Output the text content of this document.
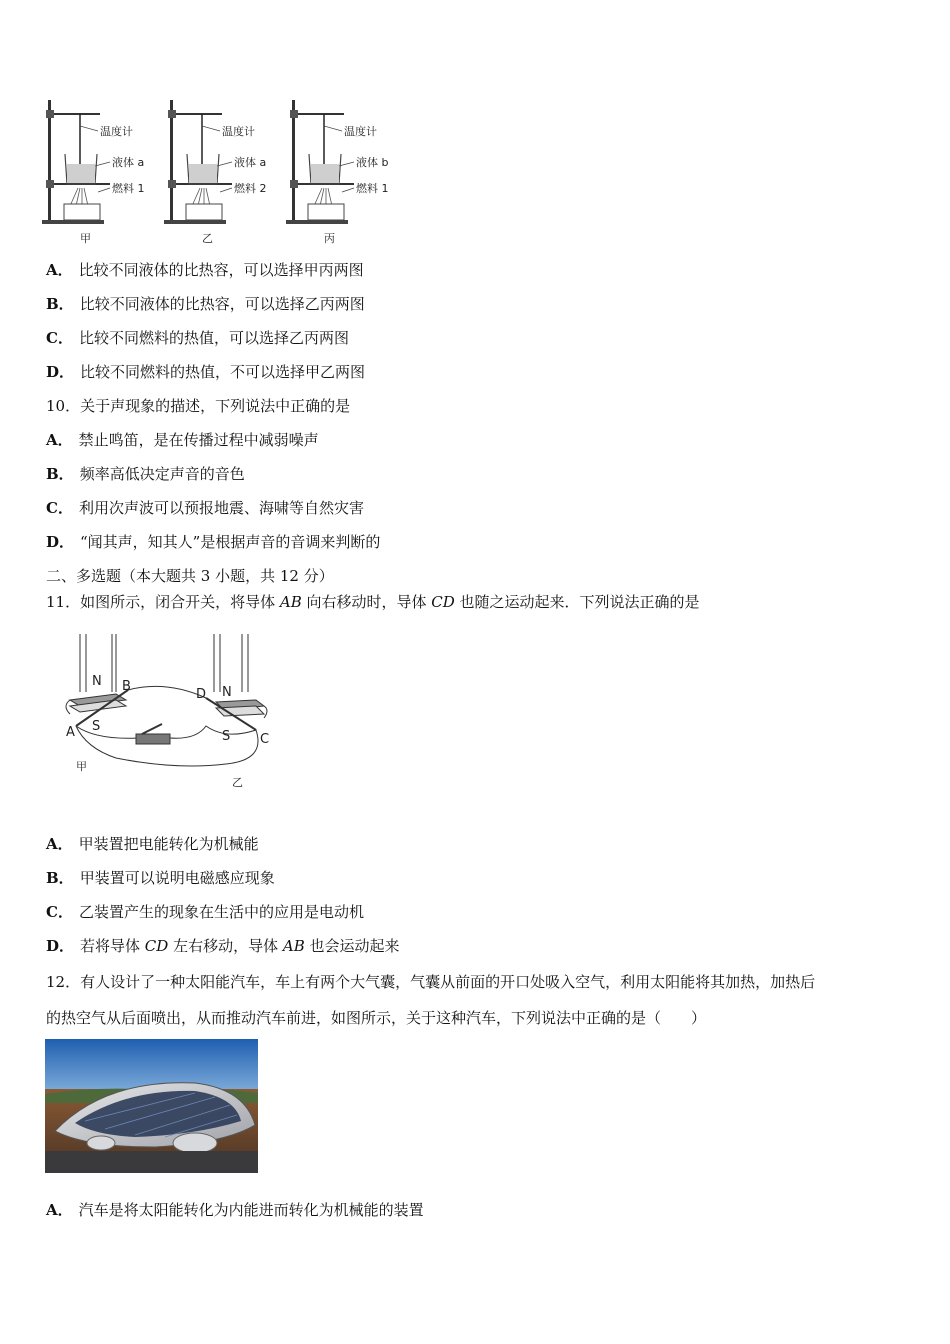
温度计
液体 a
燃料 1
甲
温度计
液体 a
燃料 2
乙
温度计
液体 b
燃料 1
丙
A． 比较不同液体的比热容，可以选择甲丙两图
B． 比较不同液体的比热容，可以选择乙丙两图
C． 比较不同燃料的热值，可以选择乙丙两图
D． 比较不同燃料的热值，不可以选择甲乙两图
10．关于声现象的描述，下列说法中正确的是
A． 禁止鸣笛，是在传播过程中减弱噪声
B． 频率高低决定声音的音色
C． 利用次声波可以预报地震、海啸等自然灾害
D． “闻其声，知其人”是根据声音的音调来判断的
二、多选题（本大题共 3 小题，共 12 分）
11．如图所示，闭合开关，将导体 AB 向右移动时，导体 CD 也随之运动起来．下列说法正确的是
N B
S
A
D N
S C
甲
乙
A． 甲装置把电能转化为机械能
B． 甲装置可以说明电磁感应现象
C． 乙装置产生的现象在生活中的应用是电动机
D． 若将导体 CD 左右移动，导体 AB 也会运动起来
12．有人设计了一种太阳能汽车，车上有两个大气囊，气囊从前面的开口处吸入空气，利用太阳能将其加热，加热后
的热空气从后面喷出，从而推动汽车前进，如图所示，关于这种汽车，下列说法中正确的是（　　）
A． 汽车是将太阳能转化为内能进而转化为机械能的装置
